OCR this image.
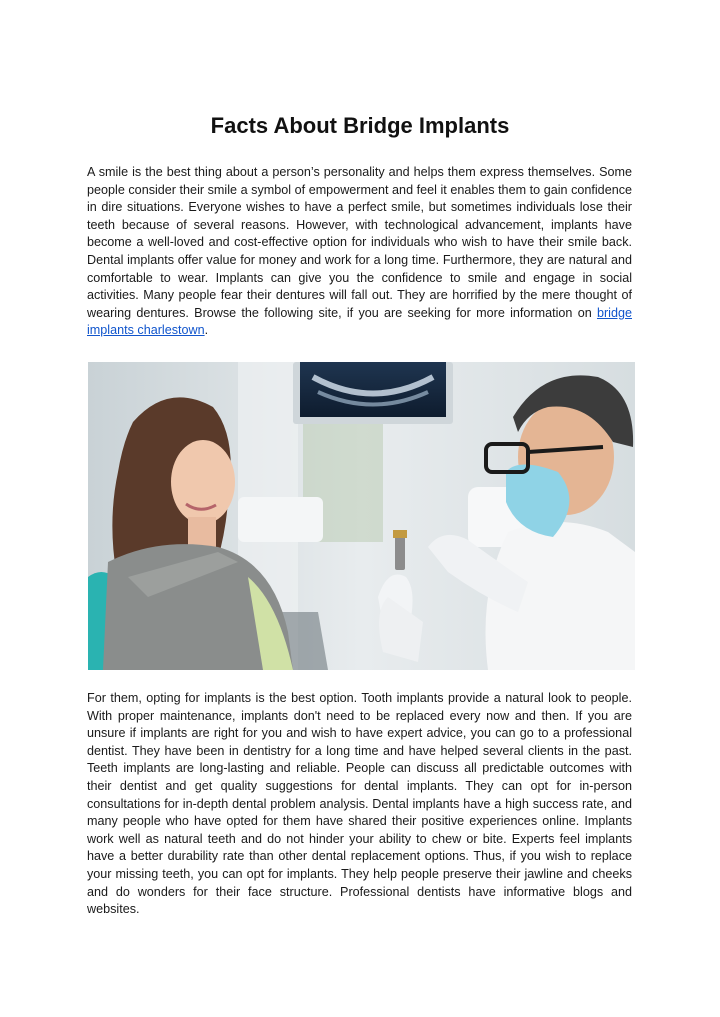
Facts About Bridge Implants

A smile is the best thing about a person’s personality and helps them express themselves. Some people consider their smile a symbol of empowerment and feel it enables them to gain confidence in dire situations. Everyone wishes to have a perfect smile, but sometimes individuals lose their teeth because of several reasons. However, with technological advancement, implants have become a well-loved and cost-effective option for individuals who wish to have their smile back. Dental implants offer value for money and work for a long time. Furthermore, they are natural and comfortable to wear. Implants can give you the confidence to smile and engage in social activities. Many people fear their dentures will fall out. They are horrified by the mere thought of wearing dentures. Browse the following site, if you are seeking for more information on bridge implants charlestown.

For them, opting for implants is the best option. Tooth implants provide a natural look to people. With proper maintenance, implants don't need to be replaced every now and then. If you are unsure if implants are right for you and wish to have expert advice, you can go to a professional dentist. They have been in dentistry for a long time and have helped several clients in the past. Teeth implants are long-lasting and reliable. People can discuss all predictable outcomes with their dentist and get quality suggestions for dental implants. They can opt for in-person consultations for in-depth dental problem analysis. Dental implants have a high success rate, and many people who have opted for them have shared their positive experiences online. Implants work well as natural teeth and do not hinder your ability to chew or bite. Experts feel implants have a better durability rate than other dental replacement options. Thus, if you wish to replace your missing teeth, you can opt for implants. They help people preserve their jawline and cheeks and do wonders for their face structure. Professional dentists have informative blogs and websites.
